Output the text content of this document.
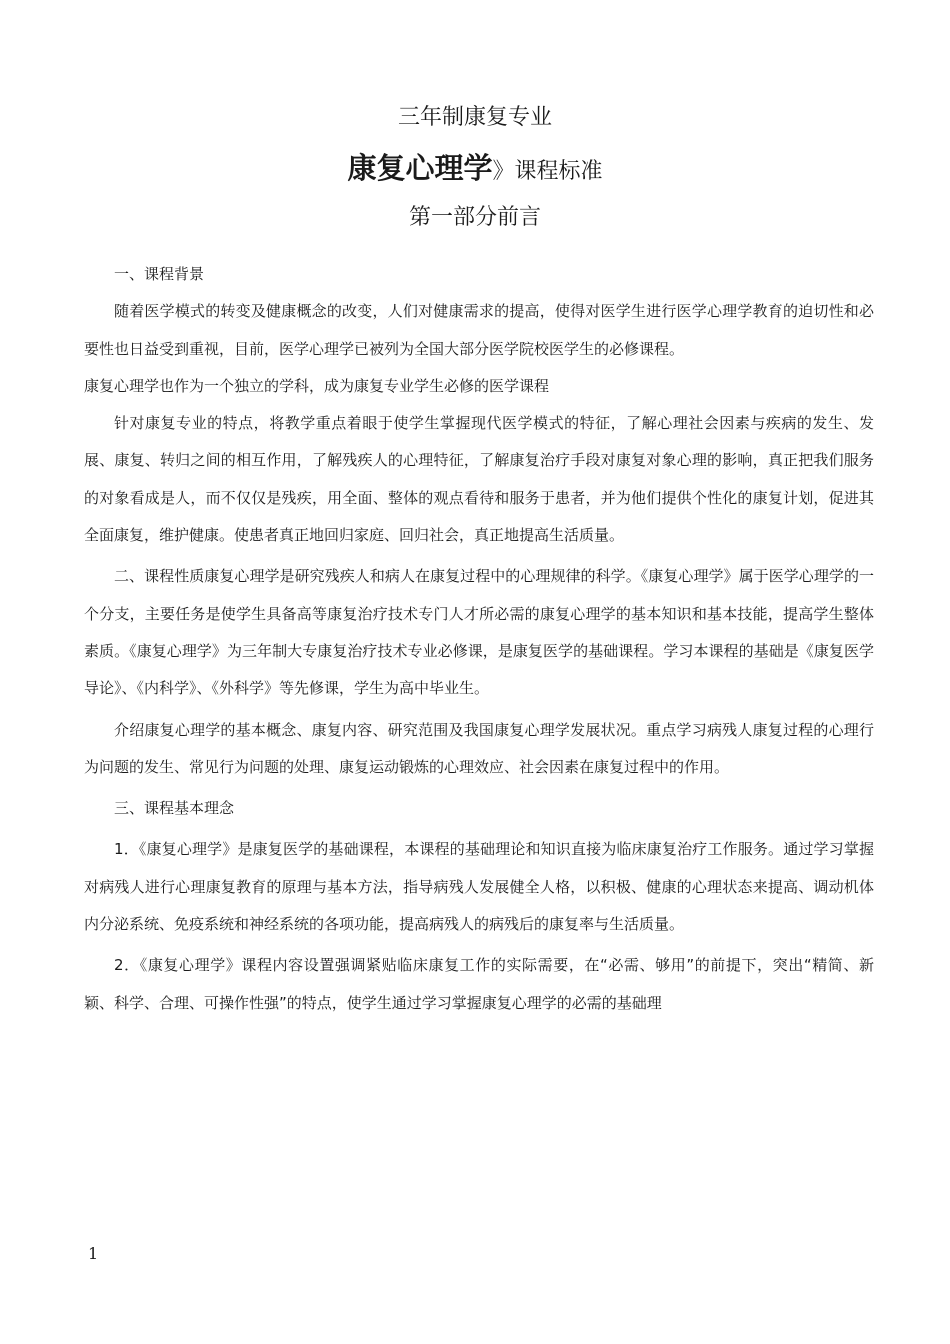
三年制康复专业
康复心理学》课程标准
第一部分前言

一、课程背景

随着医学模式的转变及健康概念的改变，人们对健康需求的提高，使得对医学生进行医学心理学教育的迫切性和必要性也日益受到重视，目前，医学心理学已被列为全国大部分医学院校医学生的必修课程。

康复心理学也作为一个独立的学科，成为康复专业学生必修的医学课程

针对康复专业的特点，将教学重点着眼于使学生掌握现代医学模式的特征，了解心理社会因素与疾病的发生、发展、康复、转归之间的相互作用，了解残疾人的心理特征，了解康复治疗手段对康复对象心理的影响，真正把我们服务的对象看成是人，而不仅仅是残疾，用全面、整体的观点看待和服务于患者，并为他们提供个性化的康复计划，促进其全面康复，维护健康。使患者真正地回归家庭、回归社会，真正地提高生活质量。

二、课程性质康复心理学是研究残疾人和病人在康复过程中的心理规律的科学。《康复心理学》属于医学心理学的一个分支，主要任务是使学生具备高等康复治疗技术专门人才所必需的康复心理学的基本知识和基本技能，提高学生整体素质。《康复心理学》为三年制大专康复治疗技术专业必修课，是康复医学的基础课程。学习本课程的基础是《康复医学导论》、《内科学》、《外科学》等先修课，学生为高中毕业生。

介绍康复心理学的基本概念、康复内容、研究范围及我国康复心理学发展状况。重点学习病残人康复过程的心理行为问题的发生、常见行为问题的处理、康复运动锻炼的心理效应、社会因素在康复过程中的作用。

三、课程基本理念

1．《康复心理学》是康复医学的基础课程，本课程的基础理论和知识直接为临床康复治疗工作服务。通过学习掌握对病残人进行心理康复教育的原理与基本方法，指导病残人发展健全人格，以积极、健康的心理状态来提高、调动机体内分泌系统、免疫系统和神经系统的各项功能，提高病残人的病残后的康复率与生活质量。

2．《康复心理学》课程内容设置强调紧贴临床康复工作的实际需要，在“必需、够用”的前提下，突出“精简、新颖、科学、合理、可操作性强”的特点，使学生通过学习掌握康复心理学的必需的基础理

1
